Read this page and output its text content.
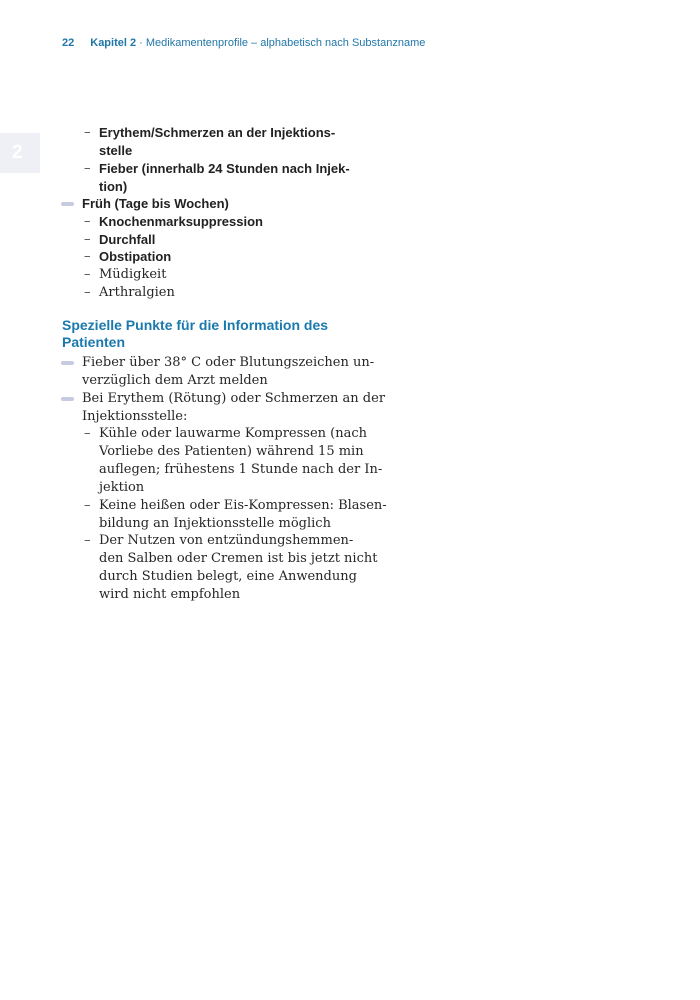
22 Kapitel 2 · Medikamentenprofile – alphabetisch nach Substanzname
2
– Erythem/Schmerzen an der Injektions-
stelle
– Fieber (innerhalb 24 Stunden nach Injek-
tion)
Früh (Tage bis Wochen)
– Knochenmarksuppression
– Durchfall
– Obstipation
– Müdigkeit
– Arthralgien
Spezielle Punkte für die Information des
Patienten
Fieber über 38° C oder Blutungszeichen un-
verzüglich dem Arzt melden
Bei Erythem (Rötung) oder Schmerzen an der
Injektionsstelle:
– Kühle oder lauwarme Kompressen (nach
Vorliebe des Patienten) während 15 min
auflegen; frühestens 1 Stunde nach der In-
jektion
– Keine heißen oder Eis-Kompressen: Blasen-
bildung an Injektionsstelle möglich
– Der Nutzen von entzündungshemmen-
den Salben oder Cremen ist bis jetzt nicht
durch Studien belegt, eine Anwendung
wird nicht empfohlen
